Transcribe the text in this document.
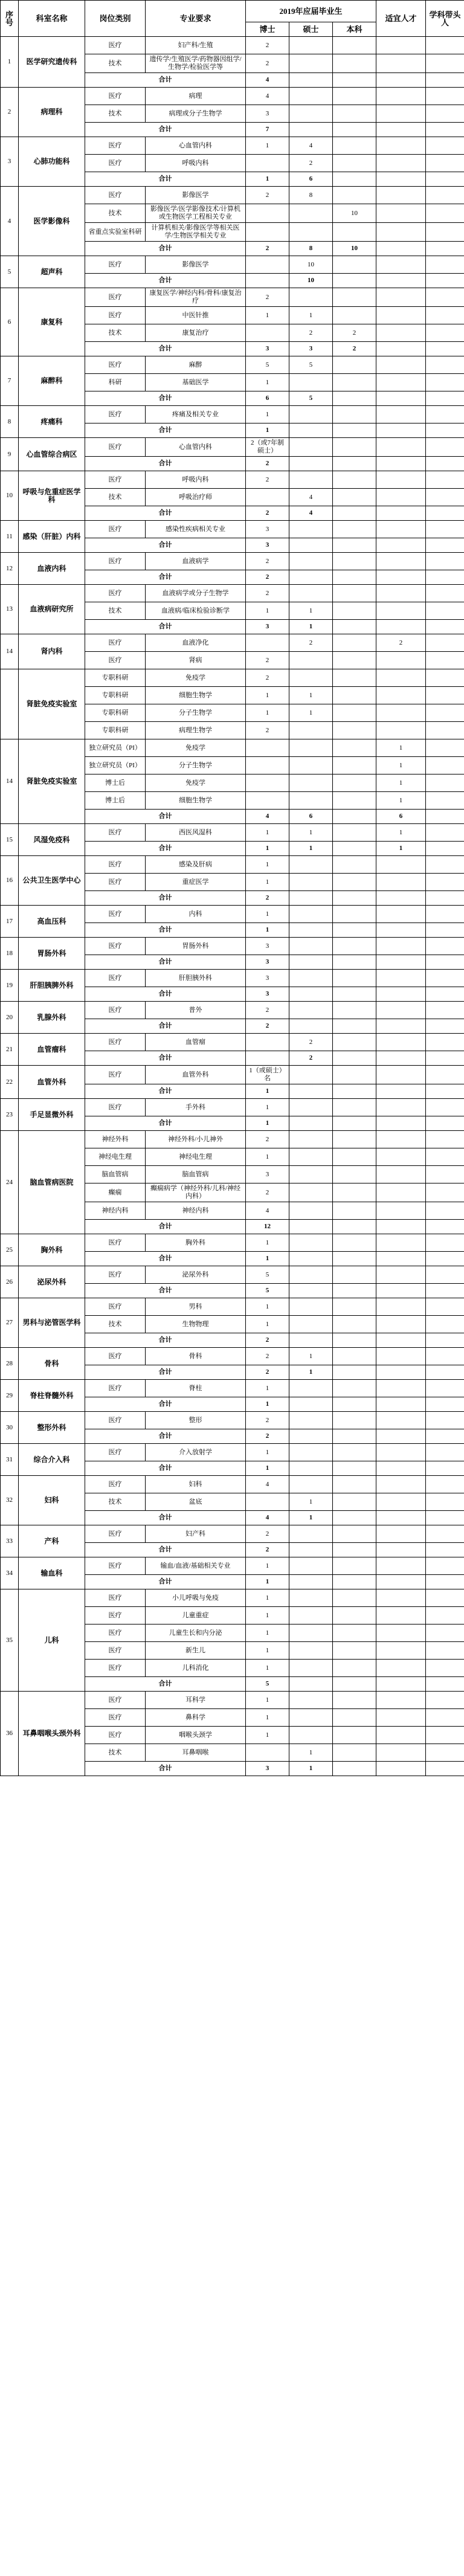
序号	科室名称	岗位类别	专业要求	2019年应届毕业生			适宜人才	学科带头人
				博士	硕士	本科		
1	医学研究遗传科	医疗	妇产科/生殖	2				
		技术	遗传学/生殖医学/药物器因组学/生物学/检验医学等	2				
		合计		4				
2	病理科	医疗	病理	4				
		技术	病理或分子生物学	3				
		合计		7				
3	心肺功能科	医疗	心血管内科	1	4			
		医疗	呼吸内科		2			
		合计		1	6			
4	医学影像科	医疗	影像医学	2	8			
		技术	影像医学/医学影像技术/计算机或生物医学工程相关专业			10		
		省重点实验室科研	计算机相关/影像医学等相关医学/生物医学相关专业					
		合计		2	8	10		
5	超声科	医疗	影像医学		10			
		合计			10			
6	康复科	医疗	康复医学/神经内科/骨科/康复治疗	2				
		医疗	中医针推	1	1			
		技术	康复治疗		2	2		
		合计		3	3	2		
7	麻醉科	医疗	麻醉	5	5			
		科研	基础医学	1				
		合计		6	5			
8	疼痛科	医疗	疼痛及相关专业	1				
		合计		1				
9	心血管综合病区	医疗	心血管内科	2（或7年制硕士）				
		合计		2				
10	呼吸与危重症医学科	医疗	呼吸内科	2				
		技术	呼吸治疗师		4			
		合计		2	4			
11	感染（肝脏）内科	医疗	感染性疾病相关专业	3				
		合计		3				
12	血液内科	医疗	血液病学	2				
		合计		2				
13	血液病研究所	医疗	血液病学或分子生物学	2				
		技术	血液病/临床检验诊断学	1	1			
		合计		3	1			
14	肾内科	医疗	血液净化		2		2	
		医疗	肾病	2				
	肾脏免疫实验室	专职科研	免疫学	2				
		专职科研	细胞生物学	1	1			
		专职科研	分子生物学	1	1			
		专职科研	病理生物学	2				
14	肾脏免疫实验室	独立研究员（PI）	免疫学				1	
		独立研究员（PI）	分子生物学				1	
		博士后	免疫学				1	
		博士后	细胞生物学				1	
		合计		4	6		6	
15	风湿免疫科	医疗	西医风湿科	1	1		1	
		合计		1	1		1	
16	公共卫生医学中心	医疗	感染及肝病	1				
		医疗	重症医学	1				
		合计		2				
17	高血压科	医疗	内科	1				
		合计		1				
18	胃肠外科	医疗	胃肠外科	3				
		合计		3				
19	肝胆胰脾外科	医疗	肝胆胰外科	3				
		合计		3				
20	乳腺外科	医疗	普外	2				
		合计		2				
21	血管瘤科	医疗	血管瘤		2			
		合计			2			
22	血管外科	医疗	血管外科	1（或硕士）名				
		合计		1				
23	手足显微外科	医疗	手外科	1				
		合计		1				
24	脑血管病医院	神经外科	神经外科/小儿神外	2				
		神经电生理	神经电生理	1				
		脑血管病	脑血管病	3				
		癫痫	癫痫病学（神经外科/儿科/神经内科）	2				
		神经内科	神经内科	4				
		合计		12				
25	胸外科	医疗	胸外科	1				
		合计		1				
26	泌尿外科	医疗	泌尿外科	5				
		合计		5				
27	男科与泌管医学科	医疗	男科	1				
		技术	生物物理	1				
		合计		2				
28	骨科	医疗	骨科	2	1			
		合计		2	1			
29	脊柱脊髓外科	医疗	脊柱	1				
		合计		1				
30	整形外科	医疗	整形	2				
		合计		2				
31	综合介入科	医疗	介入放射学	1				
		合计		1				
32	妇科	医疗	妇科	4				
		技术	盆底		1			
		合计		4	1			
33	产科	医疗	妇产科	2				
		合计		2				
34	输血科	医疗	输血/血液/基础相关专业	1				
		合计		1				
35	儿科	医疗	小儿呼吸与免疫	1				
		医疗	儿童重症	1				
		医疗	儿童生长和内分泌	1				
		医疗	新生儿	1				
		医疗	儿科消化	1				
		合计		5				
36	耳鼻咽喉头颈外科	医疗	耳科学	1				
		医疗	鼻科学	1				
		医疗	咽喉头颈学	1				
		技术	耳鼻咽喉		1			
		合计		3	1			
